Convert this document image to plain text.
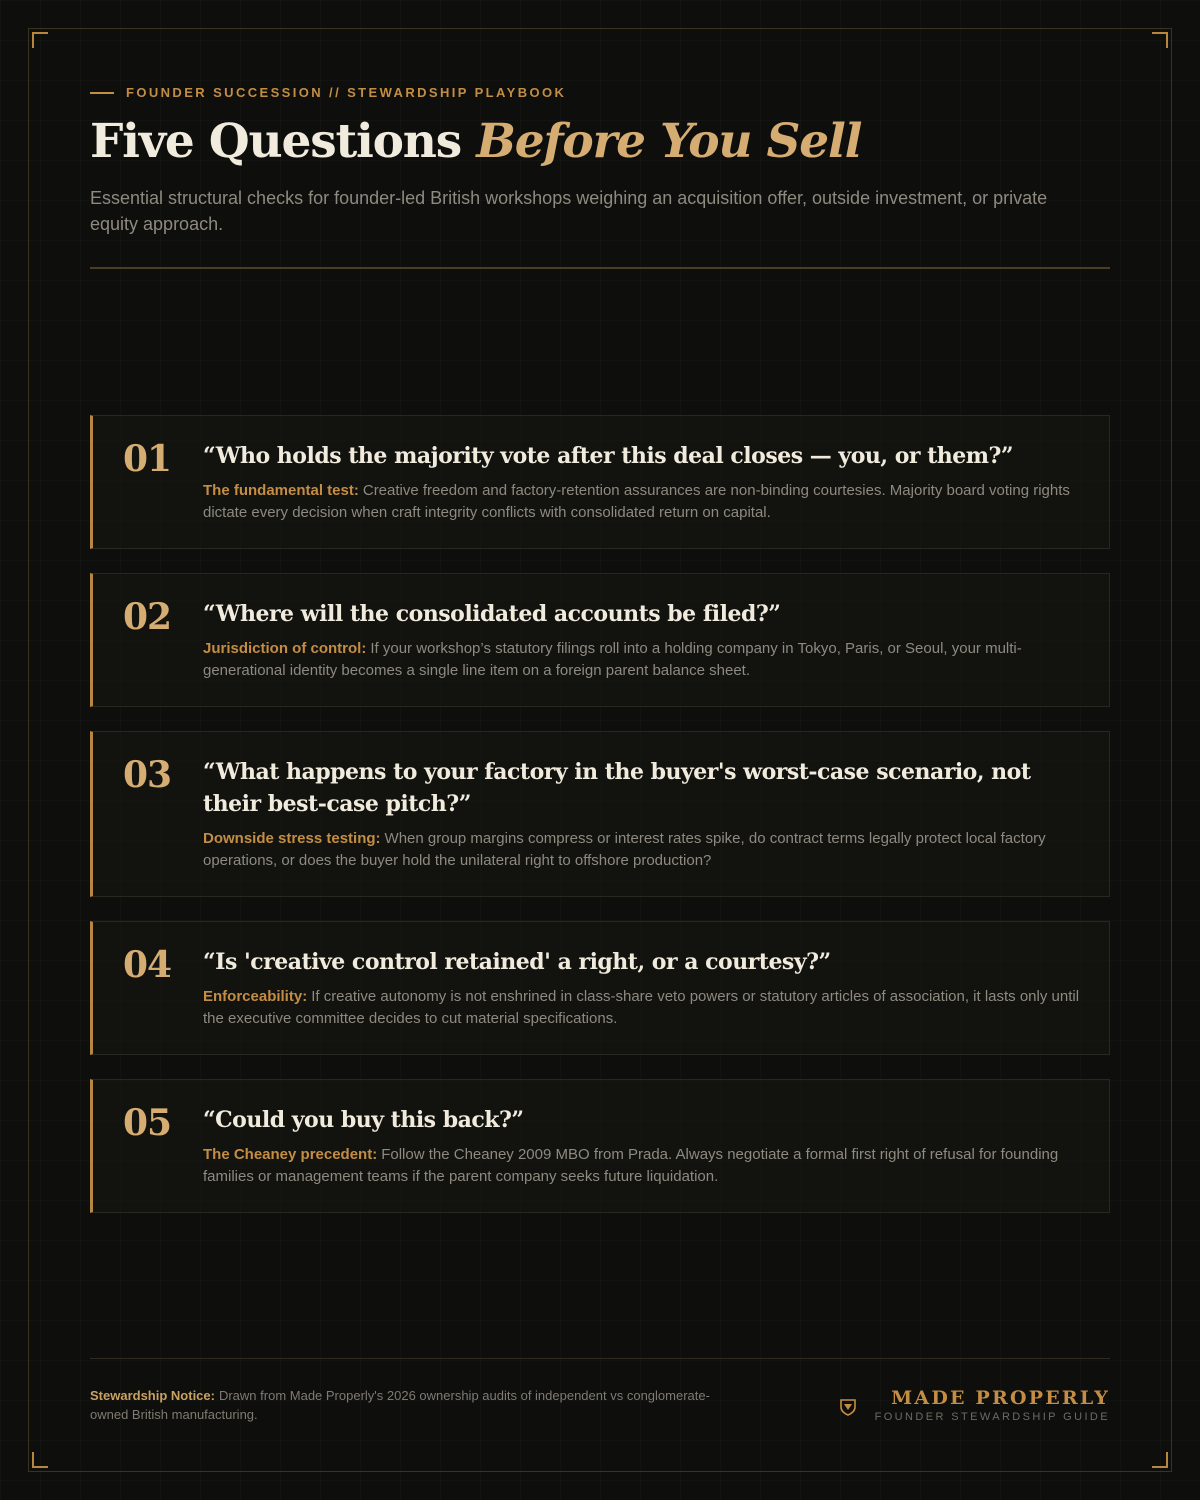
FOUNDER SUCCESSION // STEWARDSHIP PLAYBOOK
Five Questions Before You Sell

Essential structural checks for founder-led British workshops weighing an acquisition offer, outside investment, or private equity approach.

01 “Who holds the majority vote after this deal closes — you, or them?”
The fundamental test: Creative freedom and factory-retention assurances are non-binding courtesies. Majority board voting rights dictate every decision when craft integrity conflicts with consolidated return on capital.
02 “Where will the consolidated accounts be filed?”
Jurisdiction of control: If your workshop’s statutory filings roll into a holding company in Tokyo, Paris, or Seoul, your multi-generational identity becomes a single line item on a foreign parent balance sheet.
03 “What happens to your factory in the buyer's worst-case scenario, not their best-case pitch?”
Downside stress testing: When group margins compress or interest rates spike, do contract terms legally protect local factory operations, or does the buyer hold the unilateral right to offshore production?
04 “Is 'creative control retained' a right, or a courtesy?”
Enforceability: If creative autonomy is not enshrined in class-share veto powers or statutory articles of association, it lasts only until the executive committee decides to cut material specifications.
05 “Could you buy this back?”
The Cheaney precedent: Follow the Cheaney 2009 MBO from Prada. Always negotiate a formal first right of refusal for founding families or management teams if the parent company seeks future liquidation.

Stewardship Notice: Drawn from Made Properly's 2026 ownership audits of independent vs conglomerate-owned British manufacturing.

MADE PROPERLY
FOUNDER STEWARDSHIP GUIDE
